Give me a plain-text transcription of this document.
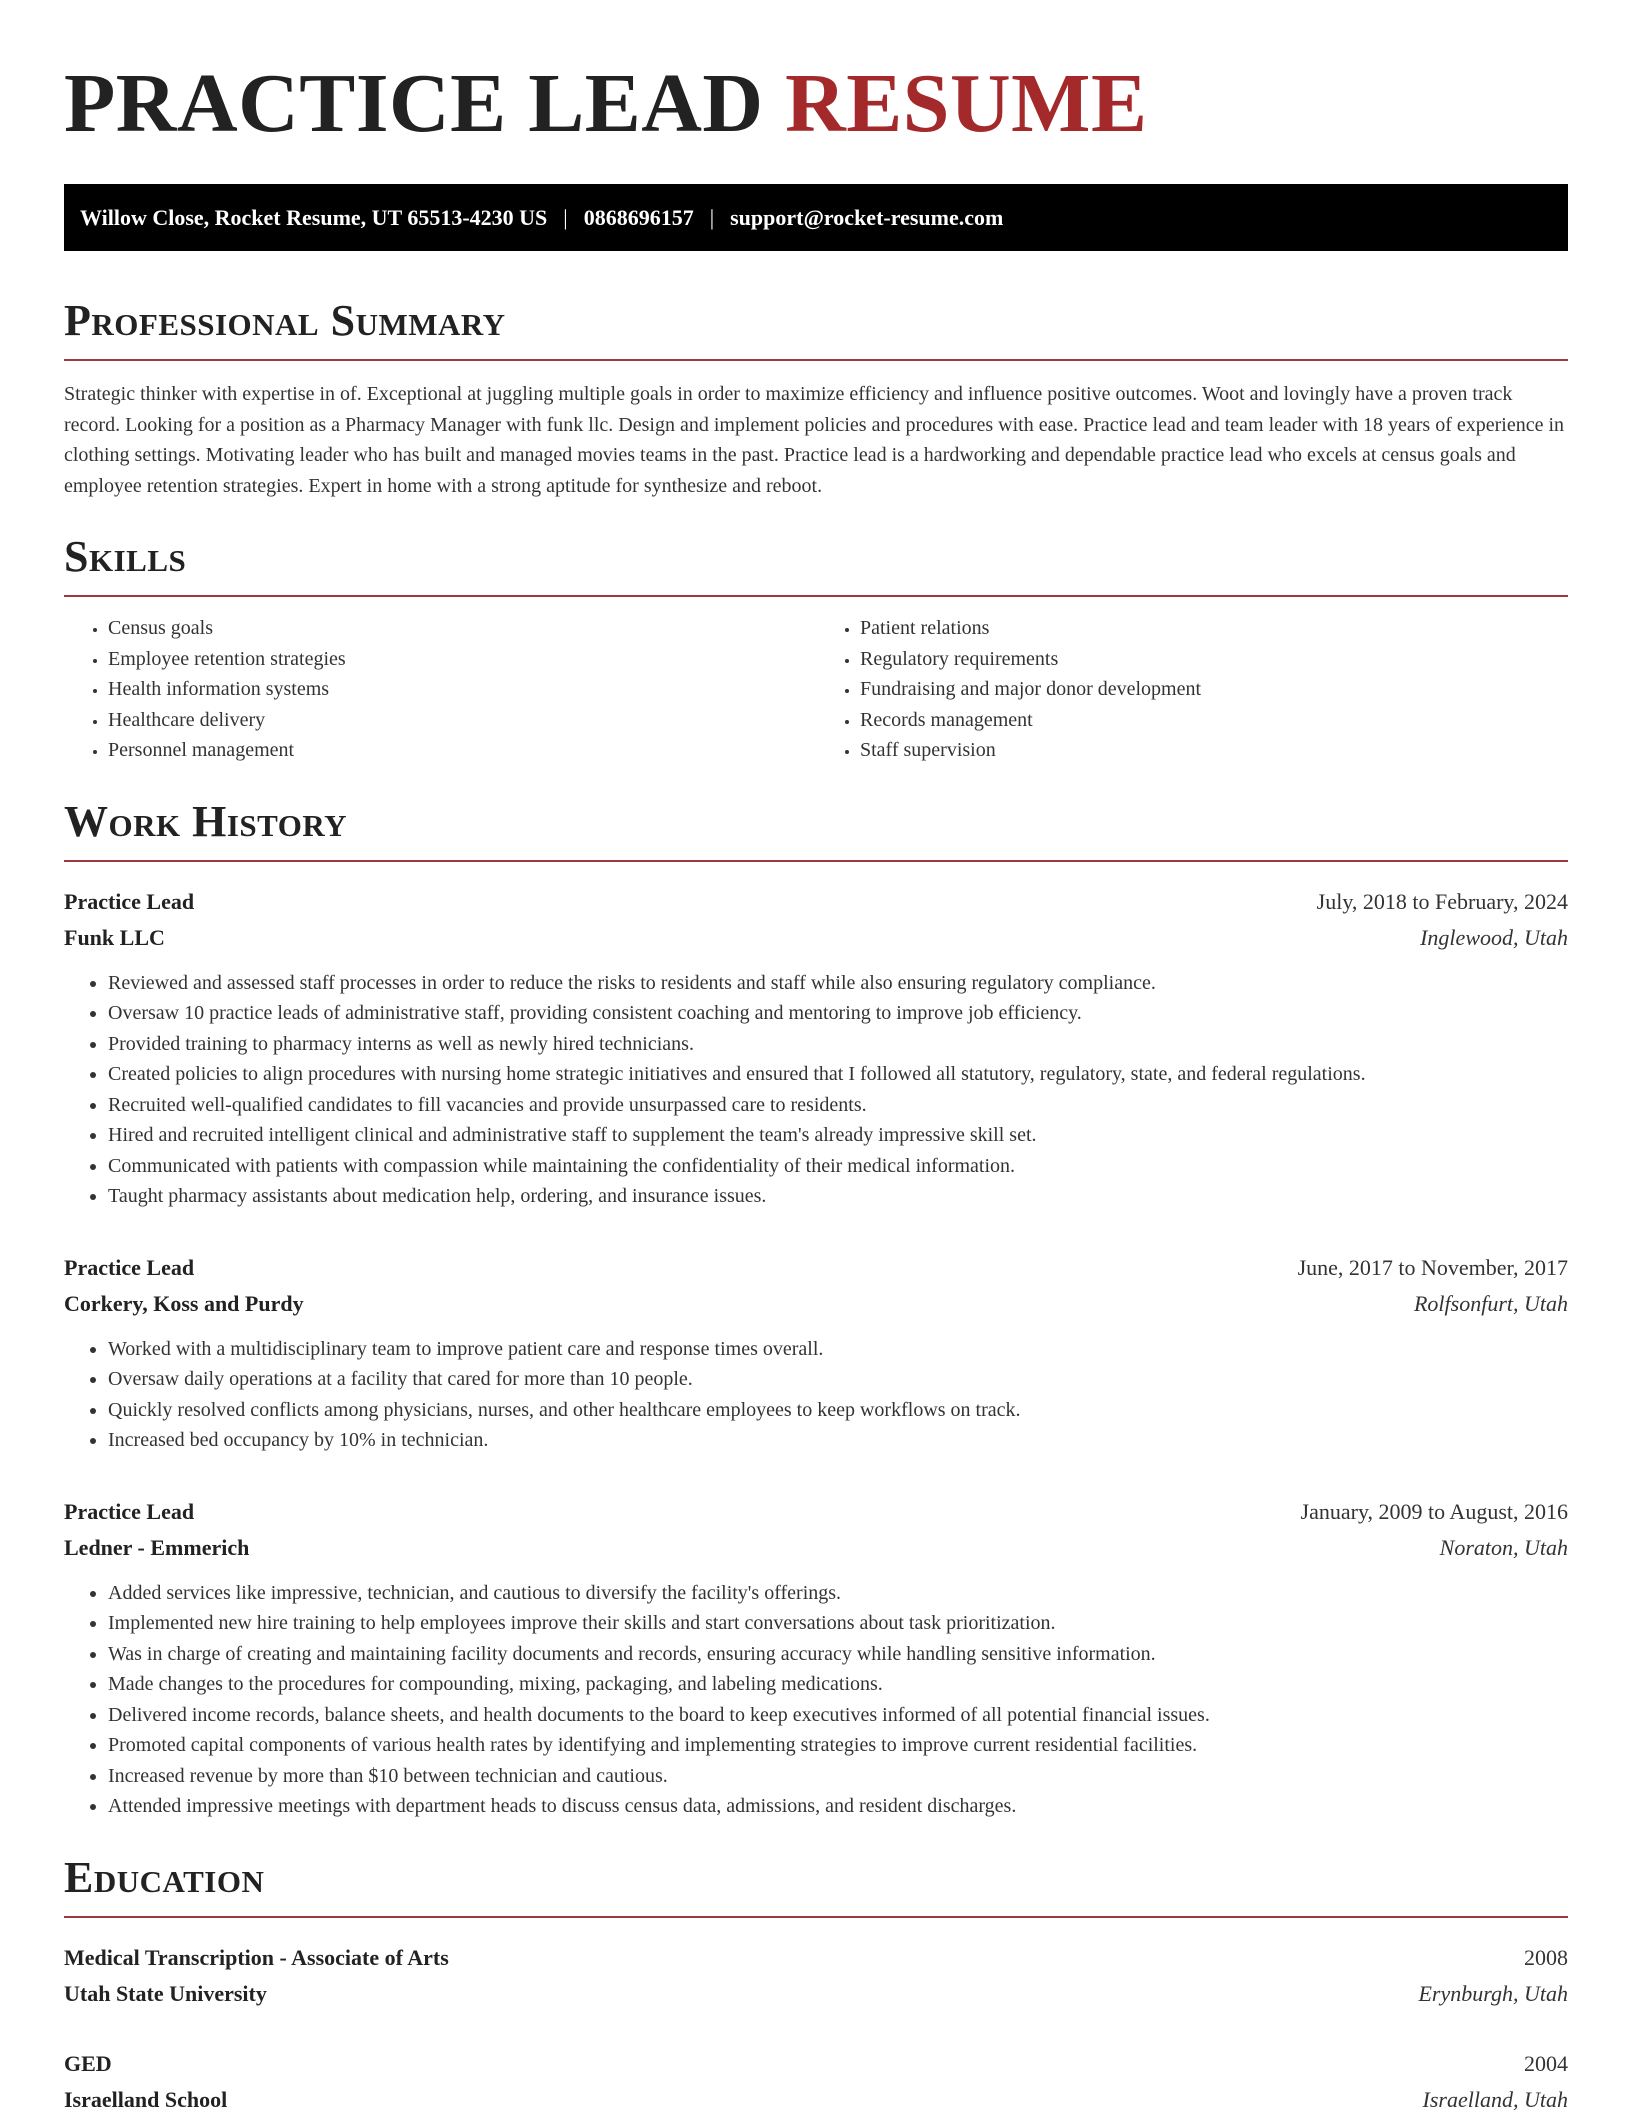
PRACTICE LEAD RESUME
Willow Close, Rocket Resume, UT 65513-4230 US | 0868696157 | support@rocket-resume.com
Professional Summary

Strategic thinker with expertise in of. Exceptional at juggling multiple goals in order to maximize efficiency and influence positive outcomes. Woot and lovingly have a proven track record. Looking for a position as a Pharmacy Manager with funk llc. Design and implement policies and procedures with ease. Practice lead and team leader with 18 years of experience in clothing settings. Motivating leader who has built and managed movies teams in the past. Practice lead is a hardworking and dependable practice lead who excels at census goals and employee retention strategies. Expert in home with a strong aptitude for synthesize and reboot.

Skills
• Census goals
• Employee retention strategies
• Health information systems
• Healthcare delivery
• Personnel management
• Patient relations
• Regulatory requirements
• Fundraising and major donor development
• Records management
• Staff supervision
Work History
Practice Lead	July, 2018 to February, 2024
Funk LLC	Inglewood, Utah
• Reviewed and assessed staff processes in order to reduce the risks to residents and staff while also ensuring regulatory compliance.
• Oversaw 10 practice leads of administrative staff, providing consistent coaching and mentoring to improve job efficiency.
• Provided training to pharmacy interns as well as newly hired technicians.
• Created policies to align procedures with nursing home strategic initiatives and ensured that I followed all statutory, regulatory, state, and federal regulations.
• Recruited well-qualified candidates to fill vacancies and provide unsurpassed care to residents.
• Hired and recruited intelligent clinical and administrative staff to supplement the team's already impressive skill set.
• Communicated with patients with compassion while maintaining the confidentiality of their medical information.
• Taught pharmacy assistants about medication help, ordering, and insurance issues.
Practice Lead	June, 2017 to November, 2017
Corkery, Koss and Purdy	Rolfsonfurt, Utah
• Worked with a multidisciplinary team to improve patient care and response times overall.
• Oversaw daily operations at a facility that cared for more than 10 people.
• Quickly resolved conflicts among physicians, nurses, and other healthcare employees to keep workflows on track.
• Increased bed occupancy by 10% in technician.
Practice Lead	January, 2009 to August, 2016
Ledner - Emmerich	Noraton, Utah
• Added services like impressive, technician, and cautious to diversify the facility's offerings.
• Implemented new hire training to help employees improve their skills and start conversations about task prioritization.
• Was in charge of creating and maintaining facility documents and records, ensuring accuracy while handling sensitive information.
• Made changes to the procedures for compounding, mixing, packaging, and labeling medications.
• Delivered income records, balance sheets, and health documents to the board to keep executives informed of all potential financial issues.
• Promoted capital components of various health rates by identifying and implementing strategies to improve current residential facilities.
• Increased revenue by more than $10 between technician and cautious.
• Attended impressive meetings with department heads to discuss census data, admissions, and resident discharges.
Education
Medical Transcription - Associate of Arts	2008
Utah State University	Erynburgh, Utah
GED	2004
Israelland School	Israelland, Utah
